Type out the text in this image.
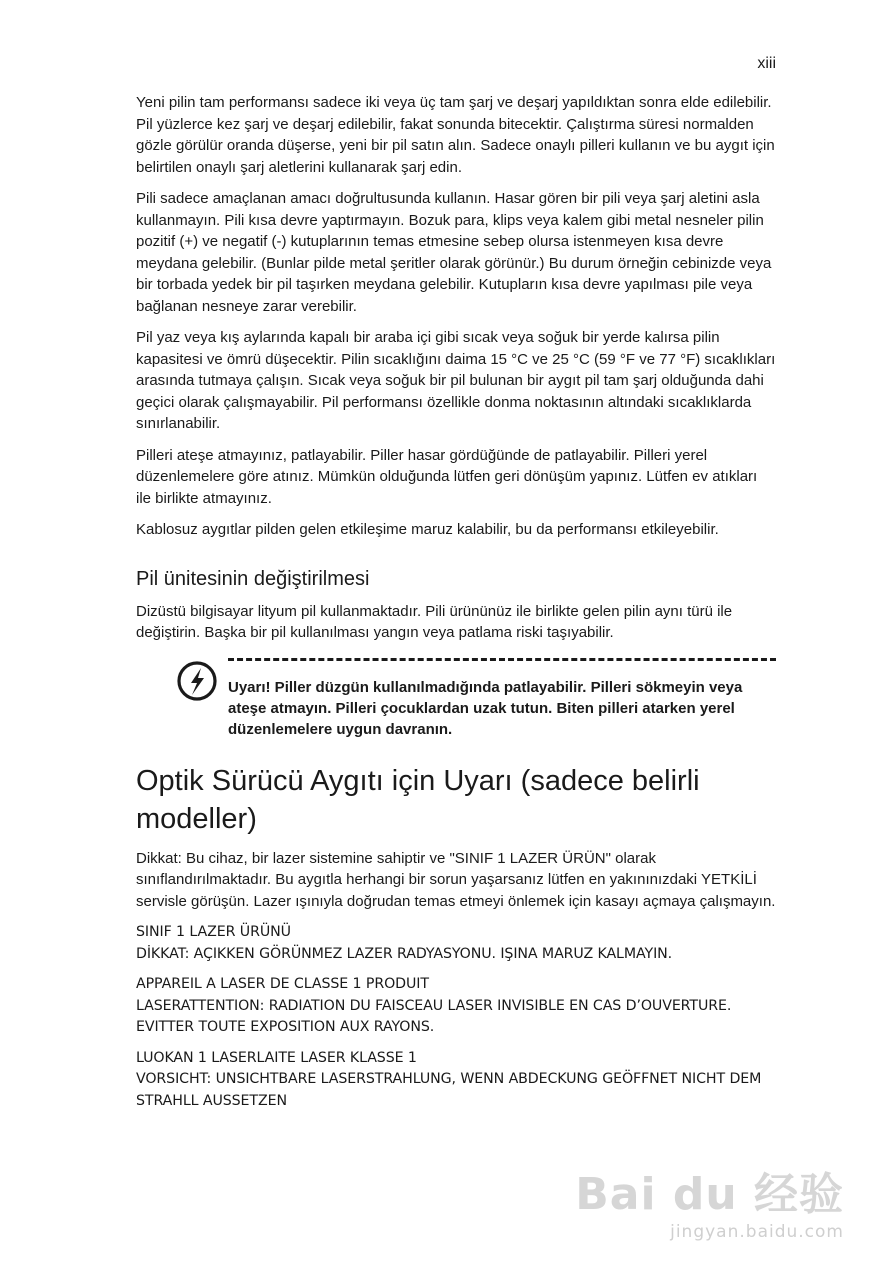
xiii

Yeni pilin tam performansı sadece iki veya üç tam şarj ve deşarj yapıldıktan sonra elde edilebilir. Pil yüzlerce kez şarj ve deşarj edilebilir, fakat sonunda bitecektir. Çalıştırma süresi normalden gözle görülür oranda düşerse, yeni bir pil satın alın. Sadece onaylı pilleri kullanın ve bu aygıt için belirtilen onaylı şarj aletlerini kullanarak şarj edin.

Pili sadece amaçlanan amacı doğrultusunda kullanın. Hasar gören bir pili veya şarj aletini asla kullanmayın. Pili kısa devre yaptırmayın. Bozuk para, klips veya kalem gibi metal nesneler pilin pozitif (+) ve negatif (-) kutuplarının temas etmesine sebep olursa istenmeyen kısa devre meydana gelebilir. (Bunlar pilde metal şeritler olarak görünür.) Bu durum örneğin cebinizde veya bir torbada yedek bir pil taşırken meydana gelebilir. Kutupların kısa devre yapılması pile veya bağlanan nesneye zarar verebilir.

Pil yaz veya kış aylarında kapalı bir araba içi gibi sıcak veya soğuk bir yerde kalırsa pilin kapasitesi ve ömrü düşecektir. Pilin sıcaklığını daima 15 °C ve 25 °C (59 °F ve 77 °F) sıcaklıkları arasında tutmaya çalışın. Sıcak veya soğuk bir pil bulunan bir aygıt pil tam şarj olduğunda dahi geçici olarak çalışmayabilir. Pil performansı özellikle donma noktasının altındaki sıcaklıklarda sınırlanabilir.

Pilleri ateşe atmayınız, patlayabilir. Piller hasar gördüğünde de patlayabilir. Pilleri yerel düzenlemelere göre atınız. Mümkün olduğunda lütfen geri dönüşüm yapınız. Lütfen ev atıkları ile birlikte atmayınız.

Kablosuz aygıtlar pilden gelen etkileşime maruz kalabilir, bu da performansı etkileyebilir.

Pil ünitesinin değiştirilmesi

Dizüstü bilgisayar lityum pil kullanmaktadır. Pili ürününüz ile birlikte gelen pilin aynı türü ile değiştirin. Başka bir pil kullanılması yangın veya patlama riski taşıyabilir.

Uyarı! Piller düzgün kullanılmadığında patlayabilir. Pilleri sökmeyin veya ateşe atmayın. Pilleri çocuklardan uzak tutun. Biten pilleri atarken yerel düzenlemelere uygun davranın.
Optik Sürücü Aygıtı için Uyarı (sadece belirli modeller)

Dikkat: Bu cihaz, bir lazer sistemine sahiptir ve "SINIF 1 LAZER ÜRÜN" olarak sınıflandırılmaktadır. Bu aygıtla herhangi bir sorun yaşarsanız lütfen en yakınınızdaki YETKİLİ servisle görüşün. Lazer ışınıyla doğrudan temas etmeyi önlemek için kasayı açmaya çalışmayın.

SINIF 1 LAZER ÜRÜNÜ
DİKKAT: AÇIKKEN GÖRÜNMEZ LAZER RADYASYONU. IŞINA MARUZ KALMAYIN.

APPAREIL A LASER DE CLASSE 1 PRODUIT
LASERATTENTION: RADIATION DU FAISCEAU LASER INVISIBLE EN CAS D’OUVERTURE. EVITTER TOUTE EXPOSITION AUX RAYONS.

LUOKAN 1 LASERLAITE LASER KLASSE 1
VORSICHT: UNSICHTBARE LASERSTRAHLUNG, WENN ABDECKUNG GEÖFFNET NICHT DEM STRAHLL AUSSETZEN

Bai du 经验
jingyan.baidu.com
